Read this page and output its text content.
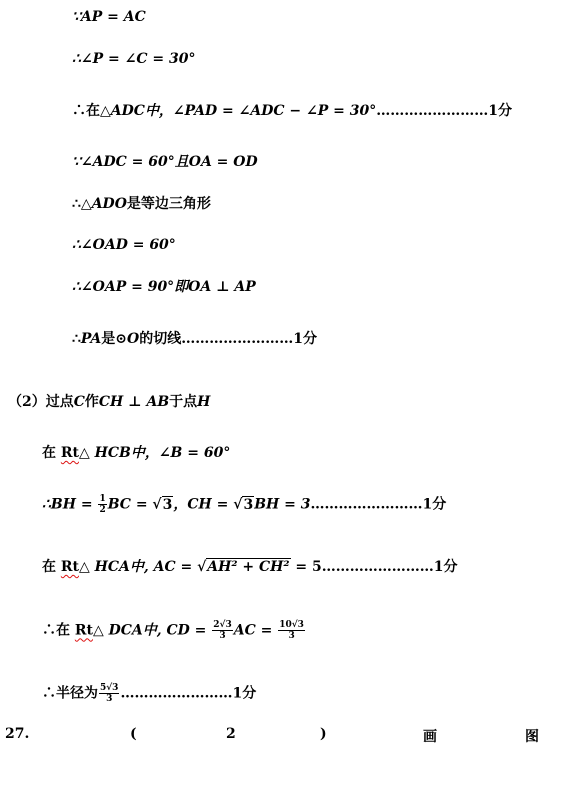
∵AP = AC
∴∠P = ∠C = 30°
∴在△ADC中，∠PAD = ∠ADC − ∠P = 30°……………………1分
∵∠ADC = 60°且OA = OD
∴△ADO是等边三角形
∴∠OAD = 60°
∴∠OAP = 90°即OA ⊥ AP
∴PA是⊙O的切线……………………1分
（2）过点C作CH ⊥ AB于点H
在 Rt△ HCB中，∠B = 60°
∴BH = $\frac{1}{2}$ BC = √3，CH = √3BH = 3……………………1分
在 Rt△ HCA中, AC = √AH² + CH² = 5……………………1分
∴在 Rt△ DCA中, CD = $\frac{2√3}{3}$ AC = $\frac{10√3}{3}$
∴半径为 $\frac{5√3}{3}$ ……………………1分
27.	(	2	)	画	图
